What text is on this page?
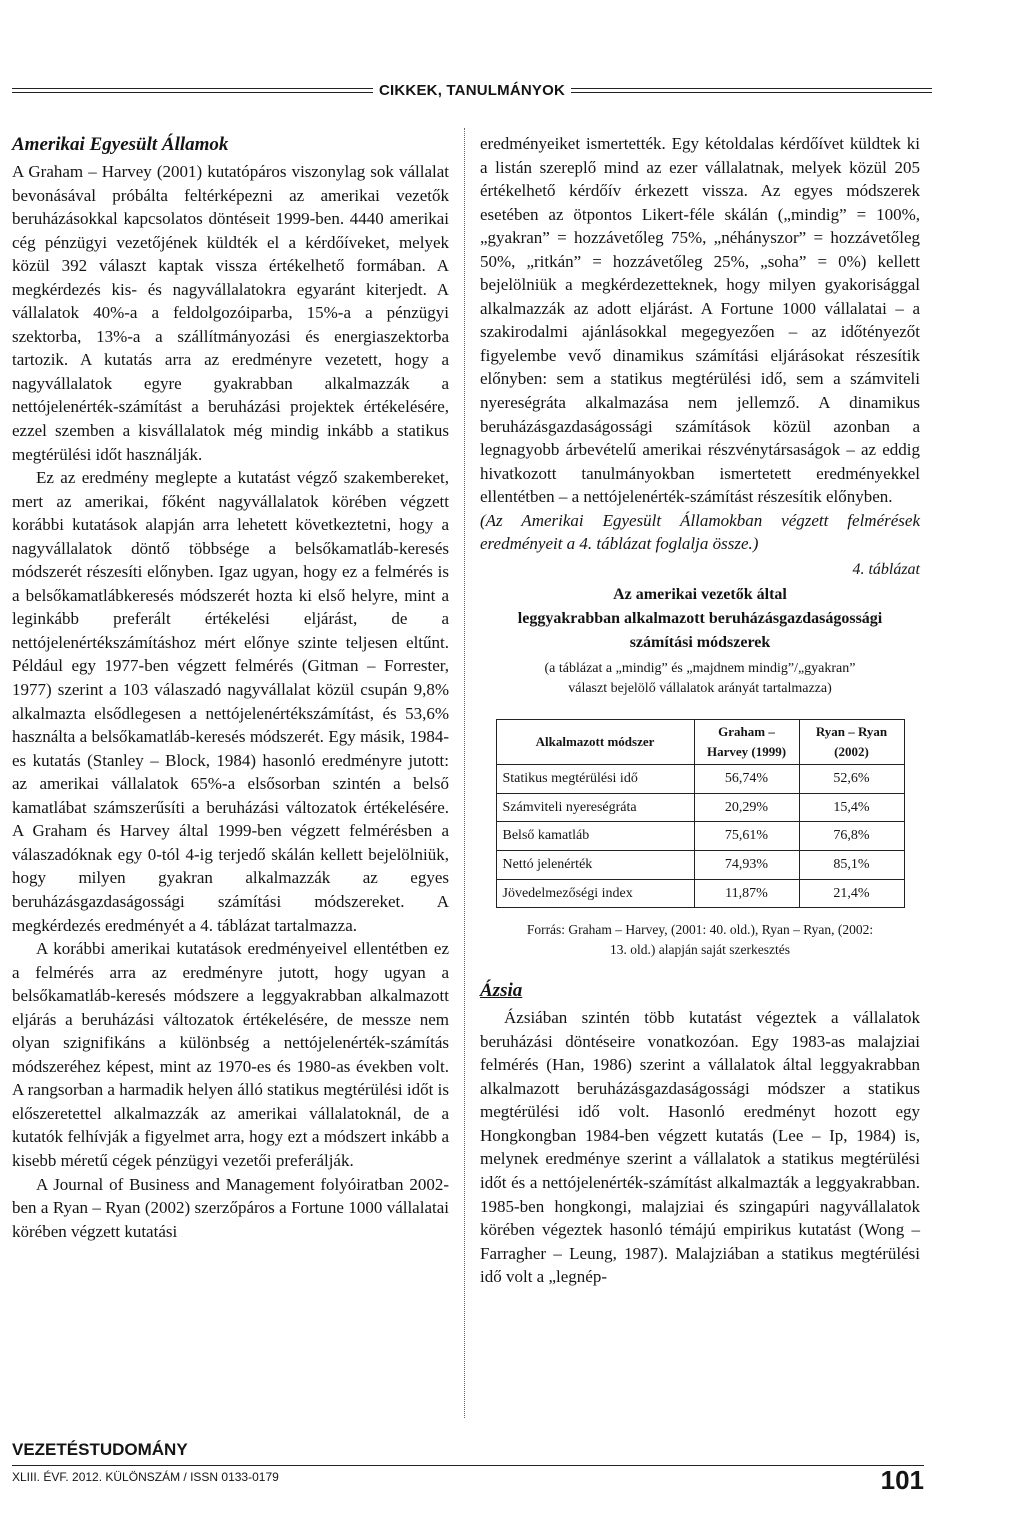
CIKKEK, TANULMÁNYOK
Amerikai Egyesült Államok

A Graham – Harvey (2001) kutatópáros viszonylag sok vállalat bevonásával próbálta feltérképezni az amerikai vezetők beruházásokkal kapcsolatos döntéseit 1999-ben. 4440 amerikai cég pénzügyi vezetőjének küldték el a kérdőíveket, melyek közül 392 választ kaptak vissza értékelhető formában. A megkérdezés kis- és nagyvállalatokra egyaránt kiterjedt. A vállalatok 40%-a a feldolgozóiparba, 15%-a a pénzügyi szektorba, 13%-a a szállítmányozási és energiaszektorba tartozik. A kutatás arra az eredményre vezetett, hogy a nagyvállalatok egyre gyakrabban alkalmazzák a nettójelenérték-számítást a beruházási projektek értékelésére, ezzel szemben a kisvállalatok még mindig inkább a statikus megtérülési időt használják.

Ez az eredmény meglepte a kutatást végző szakembereket, mert az amerikai, főként nagyvállalatok körében végzett korábbi kutatások alapján arra lehetett következtetni, hogy a nagyvállalatok döntő többsége a belsőkamatláb-keresés módszerét részesíti előnyben. Igaz ugyan, hogy ez a felmérés is a belsőkamatlábkeresés módszerét hozta ki első helyre, mint a leginkább preferált értékelési eljárást, de a nettójelenértékszámításhoz mért előnye szinte teljesen eltűnt. Például egy 1977-ben végzett felmérés (Gitman – Forrester, 1977) szerint a 103 válaszadó nagyvállalat közül csupán 9,8% alkalmazta elsődlegesen a nettójelenértékszámítást, és 53,6% használta a belsőkamatláb-keresés módszerét. Egy másik, 1984-es kutatás (Stanley – Block, 1984) hasonló eredményre jutott: az amerikai vállalatok 65%-a elsősorban szintén a belső kamatlábat számszerűsíti a beruházási változatok értékelésére. A Graham és Harvey által 1999-ben végzett felmérésben a válaszadóknak egy 0-tól 4-ig terjedő skálán kellett bejelölniük, hogy milyen gyakran alkalmazzák az egyes beruházásgazdaságossági számítási módszereket. A megkérdezés eredményét a 4. táblázat tartalmazza.

A korábbi amerikai kutatások eredményeivel ellentétben ez a felmérés arra az eredményre jutott, hogy ugyan a belsőkamatláb-keresés módszere a leggyakrabban alkalmazott eljárás a beruházási változatok értékelésére, de messze nem olyan szignifikáns a különbség a nettójelenérték-számítás módszeréhez képest, mint az 1970-es és 1980-as években volt. A rangsorban a harmadik helyen álló statikus megtérülési időt is előszeretettel alkalmazzák az amerikai vállalatoknál, de a kutatók felhívják a figyelmet arra, hogy ezt a módszert inkább a kisebb méretű cégek pénzügyi vezetői preferálják.

A Journal of Business and Management folyóiratban 2002-ben a Ryan – Ryan (2002) szerzőpáros a Fortune 1000 vállalatai körében végzett kutatási

eredményeiket ismertették. Egy kétoldalas kérdőívet küldtek ki a listán szereplő mind az ezer vállalatnak, melyek közül 205 értékelhető kérdőív érkezett vissza. Az egyes módszerek esetében az ötpontos Likert-féle skálán („mindig” = 100%, „gyakran” = hozzávetőleg 75%, „néhányszor” = hozzávetőleg 50%, „ritkán” = hozzávetőleg 25%, „soha” = 0%) kellett bejelölniük a megkérdezetteknek, hogy milyen gyakorisággal alkalmazzák az adott eljárást. A Fortune 1000 vállalatai – a szakirodalmi ajánlásokkal megegyezően – az időtényezőt figyelembe vevő dinamikus számítási eljárásokat részesítik előnyben: sem a statikus megtérülési idő, sem a számviteli nyereségráta alkalmazása nem jellemző. A dinamikus beruházásgazdaságossági számítások közül azonban a legnagyobb árbevételű amerikai részvénytársaságok – az eddig hivatkozott tanulmányokban ismertetett eredményekkel ellentétben – a nettójelenérték-számítást részesítik előnyben.

(Az Amerikai Egyesült Államokban végzett felmérések eredményeit a 4. táblázat foglalja össze.)

4. táblázat
Az amerikai vezetők által
leggyakrabban alkalmazott beruházásgazdaságossági
számítási módszerek
(a táblázat a „mindig” és „majdnem mindig”/„gyakran”
választ bejelölő vállalatok arányát tartalmazza)
Alkalmazott módszer	Graham – Harvey (1999)	Ryan – Ryan (2002)
Statikus megtérülési idő	56,74%	52,6%
Számviteli nyereségráta	20,29%	15,4%
Belső kamatláb	75,61%	76,8%
Nettó jelenérték	74,93%	85,1%
Jövedelmezőségi index	11,87%	21,4%
Forrás: Graham – Harvey, (2001: 40. old.), Ryan – Ryan, (2002:
13. old.) alapján saját szerkesztés
Ázsia

Ázsiában szintén több kutatást végeztek a vállalatok beruházási döntéseire vonatkozóan. Egy 1983-as malajziai felmérés (Han, 1986) szerint a vállalatok által leggyakrabban alkalmazott beruházásgazdaságossági módszer a statikus megtérülési idő volt. Hasonló eredményt hozott egy Hongkongban 1984-ben végzett kutatás (Lee – Ip, 1984) is, melynek eredménye szerint a vállalatok a statikus megtérülési időt és a nettójelenérték-számítást alkalmazták a leggyakrabban. 1985-ben hongkongi, malajziai és szingapúri nagyvállalatok körében végeztek hasonló témájú empirikus kutatást (Wong – Farragher – Leung, 1987). Malajziában a statikus megtérülési idő volt a „legnép-

VEZETÉSTUDOMÁNY
XLIII. ÉVF. 2012. KÜLÖNSZÁM / ISSN 0133-0179	101
